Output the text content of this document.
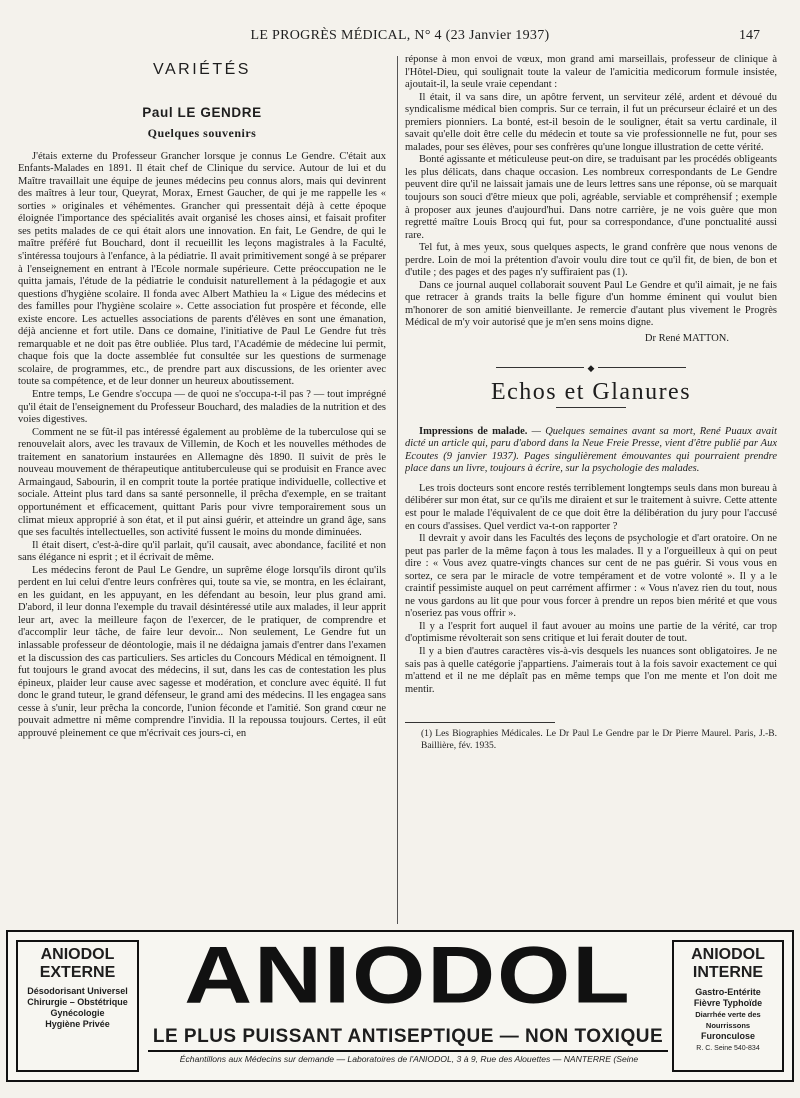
LE PROGRÈS MÉDICAL, N° 4 (23 Janvier 1937)	147
VARIÉTÉS
Paul LE GENDRE
Quelques souvenirs

J'étais externe du Professeur Grancher lorsque je connus Le Gendre. C'était aux Enfants-Malades en 1891. Il était chef de Clinique du service. Autour de lui et du Maître travaillait une équipe de jeunes médecins peu connus alors, mais qui devinrent des maîtres à leur tour, Queyrat, Morax, Ernest Gaucher, de qui je me rappelle les « sorties » originales et véhémentes. Grancher qui pressentait déjà à cette époque éloignée l'importance des spécialités avait organisé les choses ainsi, et faisait profiter ses petits malades de ce qui était alors une innovation. En fait, Le Gendre, de qui le maître préféré fut Bouchard, dont il recueillit les leçons magistrales à la Faculté, s'intéressa toujours à l'enfance, à la pédiatrie. Il avait primitivement songé à se préparer à l'enseignement en entrant à l'Ecole normale supérieure. Cette préoccupation ne le quitta jamais, l'étude de la pédiatrie le conduisit naturellement à la pédagogie et aux questions d'hygiène scolaire. Il fonda avec Albert Mathieu la « Ligue des médecins et des familles pour l'hygiène scolaire ». Cette association fut prospère et féconde, elle existe encore. Les actuelles associations de parents d'élèves en sont une émanation, déjà ancienne et fort utile. Dans ce domaine, l'initiative de Paul Le Gendre fut très remarquable et ne doit pas être oubliée. Plus tard, l'Académie de médecine lui permit, chaque fois que la docte assemblée fut consultée sur les questions de surmenage scolaire, de programmes, etc., de prendre part aux discussions, de les orienter avec toute sa compétence, et de leur donner un heureux aboutissement.

Entre temps, Le Gendre s'occupa — de quoi ne s'occupa-t-il pas ? — tout imprégné qu'il était de l'enseignement du Professeur Bouchard, des maladies de la nutrition et des voies digestives.

Comment ne se fût-il pas intéressé également au problème de la tuberculose qui se renouvelait alors, avec les travaux de Villemin, de Koch et les nouvelles méthodes de traitement en sanatorium instaurées en Allemagne dès 1890. Il suivit de près le nouveau mouvement de thérapeutique antituberculeuse qui se produisit en France avec Armaingaud, Sabourin, il en comprit toute la portée pratique individuelle, collective et sociale. Atteint plus tard dans sa santé personnelle, il prêcha d'exemple, en se traitant opportunément et efficacement, quittant Paris pour vivre temporairement sous un climat mieux approprié à son état, et il put ainsi guérir, et atteindre un grand âge, sans que ses facultés intellectuelles, son activité fussent le moins du monde diminuées.

Il était disert, c'est-à-dire qu'il parlait, qu'il causait, avec abondance, facilité et non sans élégance ni esprit ; et il écrivait de même.

Les médecins feront de Paul Le Gendre, un suprême éloge lorsqu'ils diront qu'ils perdent en lui celui d'entre leurs confrères qui, toute sa vie, se montra, en les éclairant, en les guidant, en les appuyant, en les défendant au besoin, leur plus grand ami. D'abord, il leur donna l'exemple du travail désintéressé utile aux malades, il leur apprit leur art, avec la meilleure façon de l'exercer, de le pratiquer, de comprendre et d'accomplir leur tâche, de faire leur devoir... Non seulement, Le Gendre fut un inlassable professeur de déontologie, mais il ne dédaigna jamais d'entrer dans l'examen et la discussion des cas particuliers. Ses articles du Concours Médical en témoignent. Il fut toujours le grand avocat des médecins, il sut, dans les cas de contestation les plus épineux, plaider leur cause avec sagesse et modération, et conclure avec équité. Il fut donc le grand tuteur, le grand défenseur, le grand ami des médecins. Il les engagea sans cesse à s'unir, leur prêcha la concorde, l'union féconde et l'amitié. Son grand cœur ne pouvait admettre ni même comprendre l'invidia. Il la repoussa toujours. Certes, il eût approuvé pleinement ce que m'écrivait ces jours-ci, en

réponse à mon envoi de vœux, mon grand ami marseillais, professeur de clinique à l'Hôtel-Dieu, qui soulignait toute la valeur de l'amicitia medicorum formule insistée, ajoutait-il, la seule vraie cependant :

Il était, il va sans dire, un apôtre fervent, un serviteur zélé, ardent et dévoué du syndicalisme médical bien compris. Sur ce terrain, il fut un précurseur éclairé et un des premiers pionniers. La bonté, est-il besoin de le souligner, était sa vertu cardinale, il savait qu'elle doit être celle du médecin et toute sa vie professionnelle ne fut, pour ses malades, pour ses élèves, pour ses confrères qu'une longue illustration de cette vérité.

Bonté agissante et méticuleuse peut-on dire, se traduisant par les procédés obligeants les plus délicats, dans chaque occasion. Les nombreux correspondants de Le Gendre peuvent dire qu'il ne laissait jamais une de leurs lettres sans une réponse, où se marquait toujours son souci d'être mieux que poli, agréable, serviable et compréhensif ; exemple à proposer aux jeunes d'aujourd'hui. Dans notre carrière, je ne vois guère que mon regretté maître Louis Brocq qui fut, pour sa correspondance, d'une ponctualité aussi rare.

Tel fut, à mes yeux, sous quelques aspects, le grand confrère que nous venons de perdre. Loin de moi la prétention d'avoir voulu dire tout ce qu'il fit, de bien, de bon et d'utile ; des pages et des pages n'y suffiraient pas (1).

Dans ce journal auquel collaborait souvent Paul Le Gendre et qu'il aimait, je ne fais que retracer à grands traits la belle figure d'un homme éminent qui voulut bien m'honorer de son amitié bienveillante. Je remercie d'autant plus vivement le Progrès Médical de m'y voir autorisé que je m'en sens moins digne.

Dr René MATTON.
◆
Echos et Glanures

Impressions de malade. — Quelques semaines avant sa mort, René Puaux avait dicté un article qui, paru d'abord dans la Neue Freie Presse, vient d'être publié par Aux Ecoutes (9 janvier 1937). Pages singulièrement émouvantes qui pourraient prendre place dans un livre, toujours à écrire, sur la psychologie des malades.

Les trois docteurs sont encore restés terriblement longtemps seuls dans mon bureau à délibérer sur mon état, sur ce qu'ils me diraient et sur le traitement à suivre. Cette attente est pour le malade l'équivalent de ce que doit être la délibération du jury pour l'accusé en cours d'assises. Quel verdict va-t-on rapporter ?

Il devrait y avoir dans les Facultés des leçons de psychologie et d'art oratoire. On ne peut pas parler de la même façon à tous les malades. Il y a l'orgueilleux à qui on peut dire : « Vous avez quatre-vingts chances sur cent de ne pas guérir. Si vous vous en sortez, ce sera par le miracle de votre tempérament et de votre volonté ». Il y a le craintif pessimiste auquel on peut carrément affirmer : « Vous n'avez rien du tout, nous ne vous gardons au lit que pour vous forcer à prendre un repos bien mérité et que vous n'oseriez pas vous offrir ».

Il y a l'esprit fort auquel il faut avouer au moins une partie de la vérité, car trop d'optimisme révolterait son sens critique et lui ferait douter de tout.

Il y a bien d'autres caractères vis-à-vis desquels les nuances sont obligatoires. Je ne sais pas à quelle catégorie j'appartiens. J'aimerais tout à la fois savoir exactement ce qui m'attend et il ne me déplaît pas en même temps que l'on me mente et l'on doit me mentir.

(1) Les Biographies Médicales. Le Dr Paul Le Gendre par le Dr Pierre Maurel. Paris, J.-B. Baillière, fév. 1935.

ANIODOL EXTERNE
Désodorisant Universel
Chirurgie – Obstétrique
Gynécologie
Hygiène Privée
ANIODOL
LE PLUS PUISSANT ANTISEPTIQUE — NON TOXIQUE
Échantillons aux Médecins sur demande — Laboratoires de l'ANIODOL, 3 à 9, Rue des Alouettes — NANTERRE (Seine
ANIODOL INTERNE
Gastro-Entérite
Fièvre Typhoïde
Diarrhée verte des Nourrissons
Furonculose
R. C. Seine 540-834
